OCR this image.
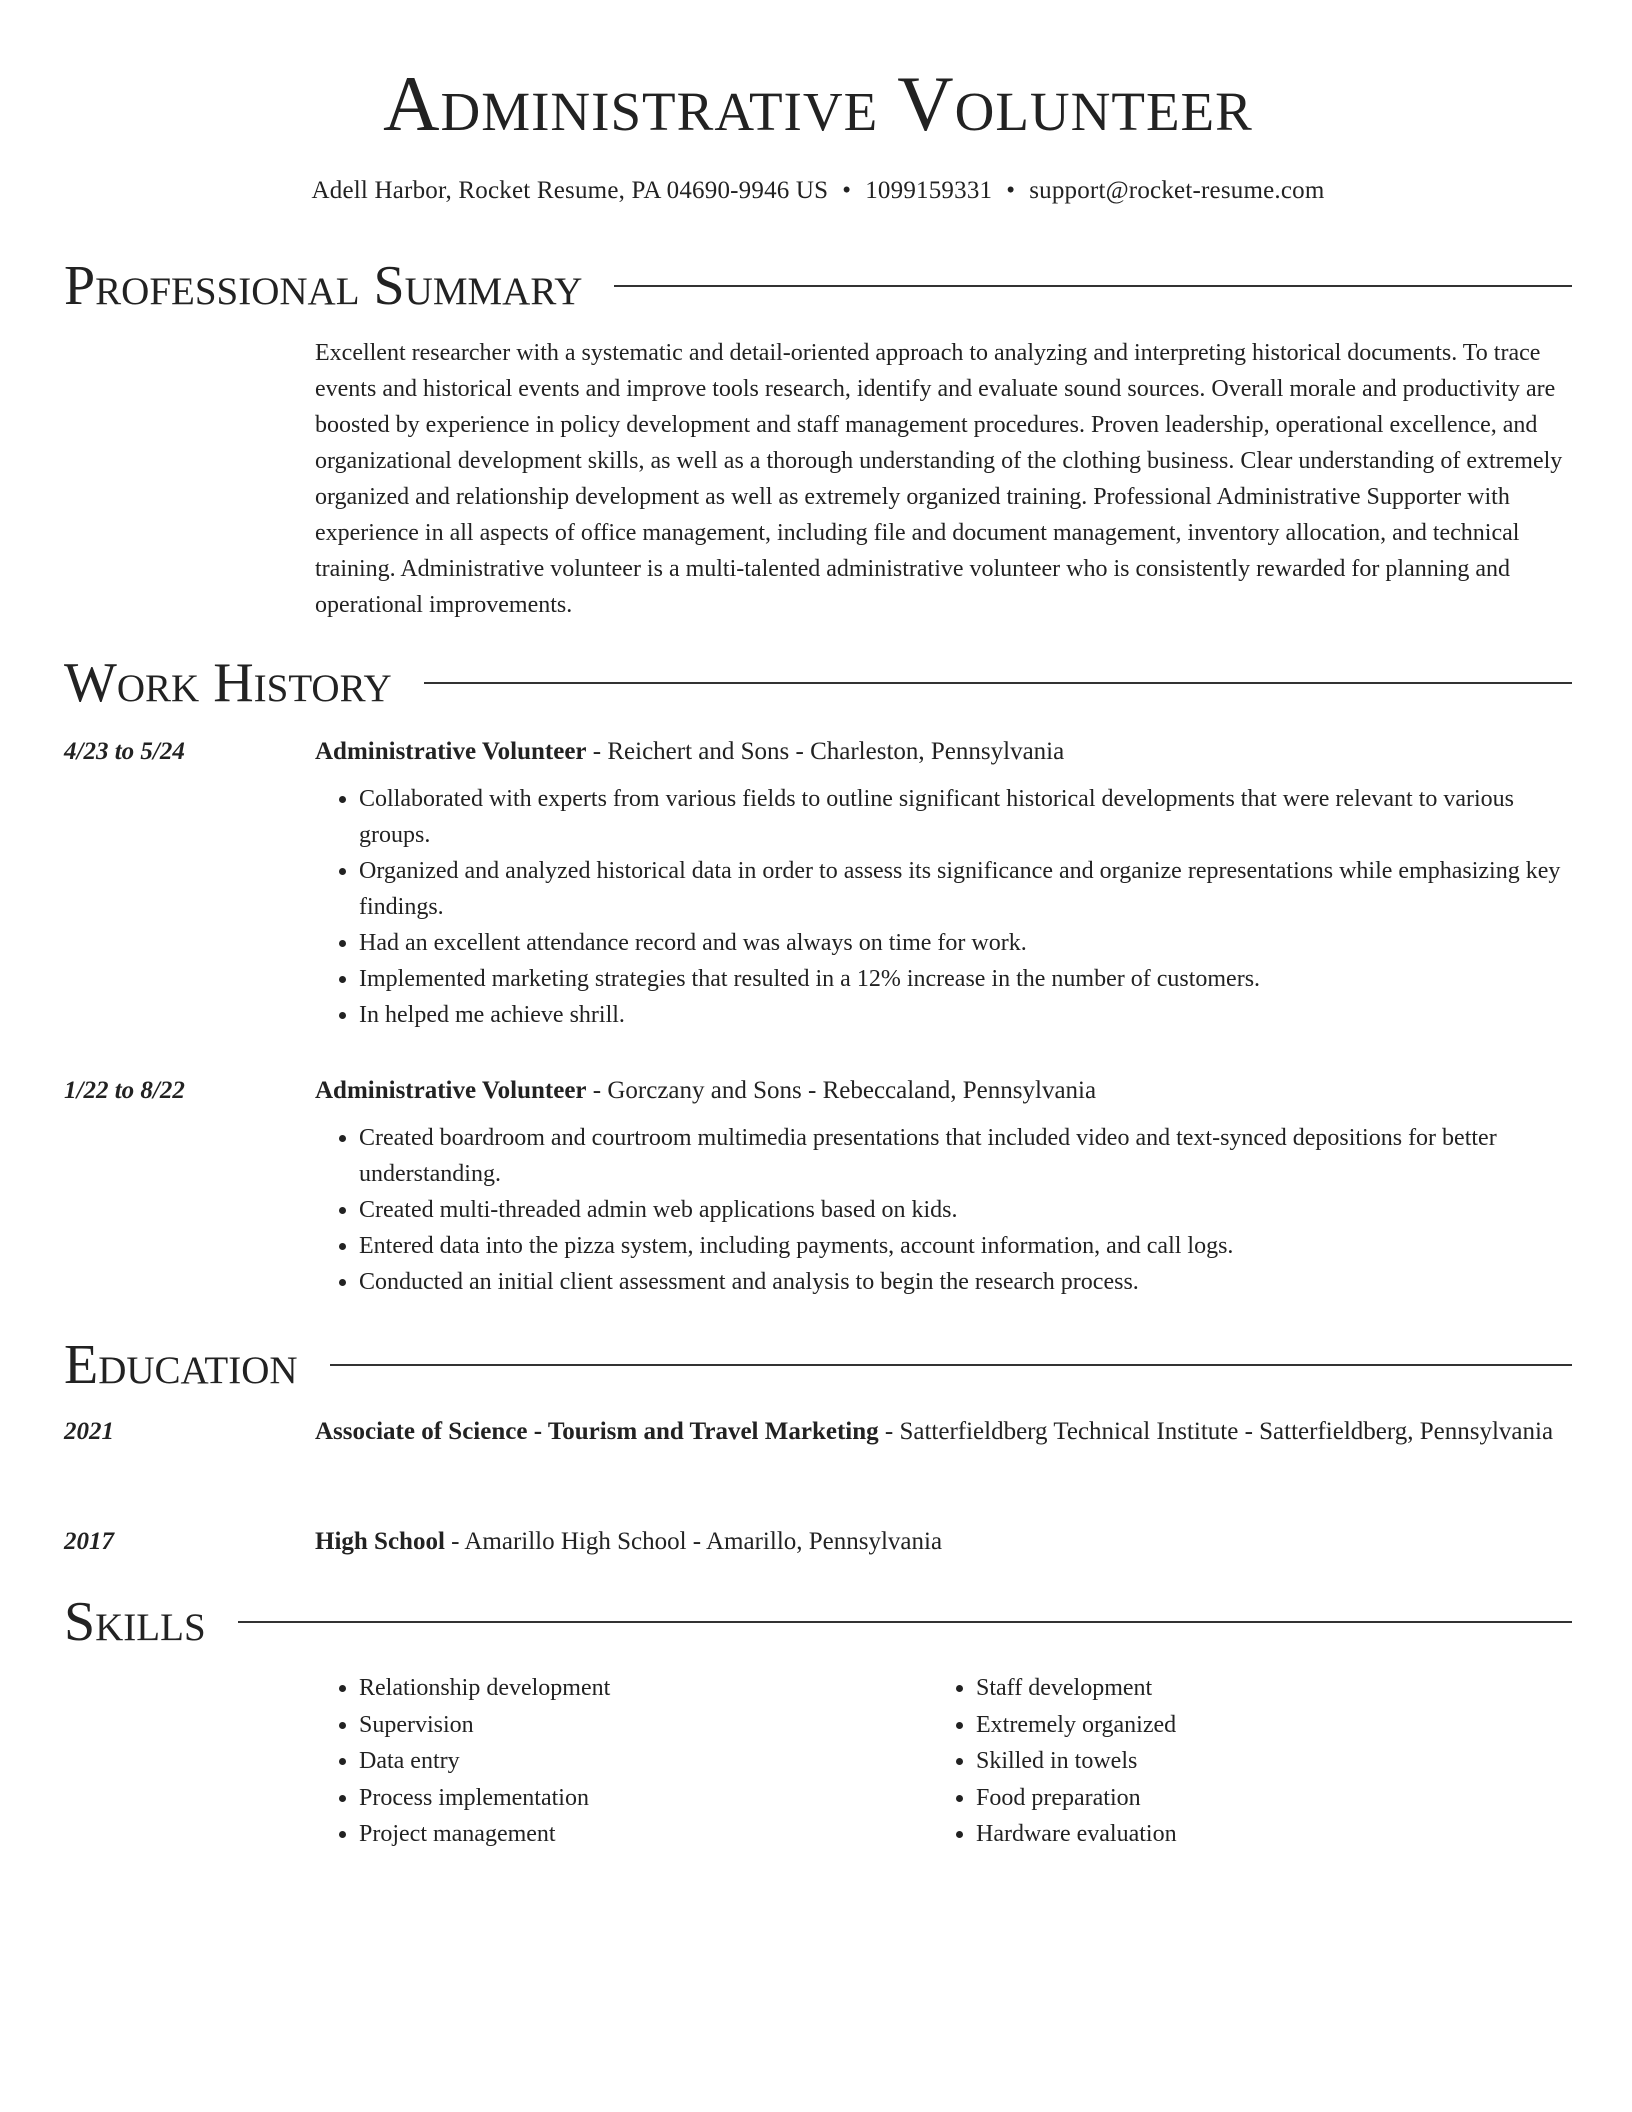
Administrative Volunteer
Adell Harbor, Rocket Resume, PA 04690-9946 US • 1099159331 • support@rocket-resume.com
Professional Summary
Excellent researcher with a systematic and detail-oriented approach to analyzing and interpreting historical documents. To trace events and historical events and improve tools research, identify and evaluate sound sources. Overall morale and productivity are boosted by experience in policy development and staff management procedures. Proven leadership, operational excellence, and organizational development skills, as well as a thorough understanding of the clothing business. Clear understanding of extremely organized and relationship development as well as extremely organized training. Professional Administrative Supporter with experience in all aspects of office management, including file and document management, inventory allocation, and technical training. Administrative volunteer is a multi-talented administrative volunteer who is consistently rewarded for planning and operational improvements.
Work History
4/23 to 5/24	Administrative Volunteer - Reichert and Sons - Charleston, Pennsylvania
• Collaborated with experts from various fields to outline significant historical developments that were relevant to various groups.
• Organized and analyzed historical data in order to assess its significance and organize representations while emphasizing key findings.
• Had an excellent attendance record and was always on time for work.
• Implemented marketing strategies that resulted in a 12% increase in the number of customers.
• In helped me achieve shrill.
1/22 to 8/22	Administrative Volunteer - Gorczany and Sons - Rebeccaland, Pennsylvania
• Created boardroom and courtroom multimedia presentations that included video and text-synced depositions for better understanding.
• Created multi-threaded admin web applications based on kids.
• Entered data into the pizza system, including payments, account information, and call logs.
• Conducted an initial client assessment and analysis to begin the research process.
Education
2021	Associate of Science - Tourism and Travel Marketing - Satterfieldberg Technical Institute - Satterfieldberg, Pennsylvania
2017	High School - Amarillo High School - Amarillo, Pennsylvania
Skills
• Relationship development
• Supervision
• Data entry
• Process implementation
• Project management
• Staff development
• Extremely organized
• Skilled in towels
• Food preparation
• Hardware evaluation
